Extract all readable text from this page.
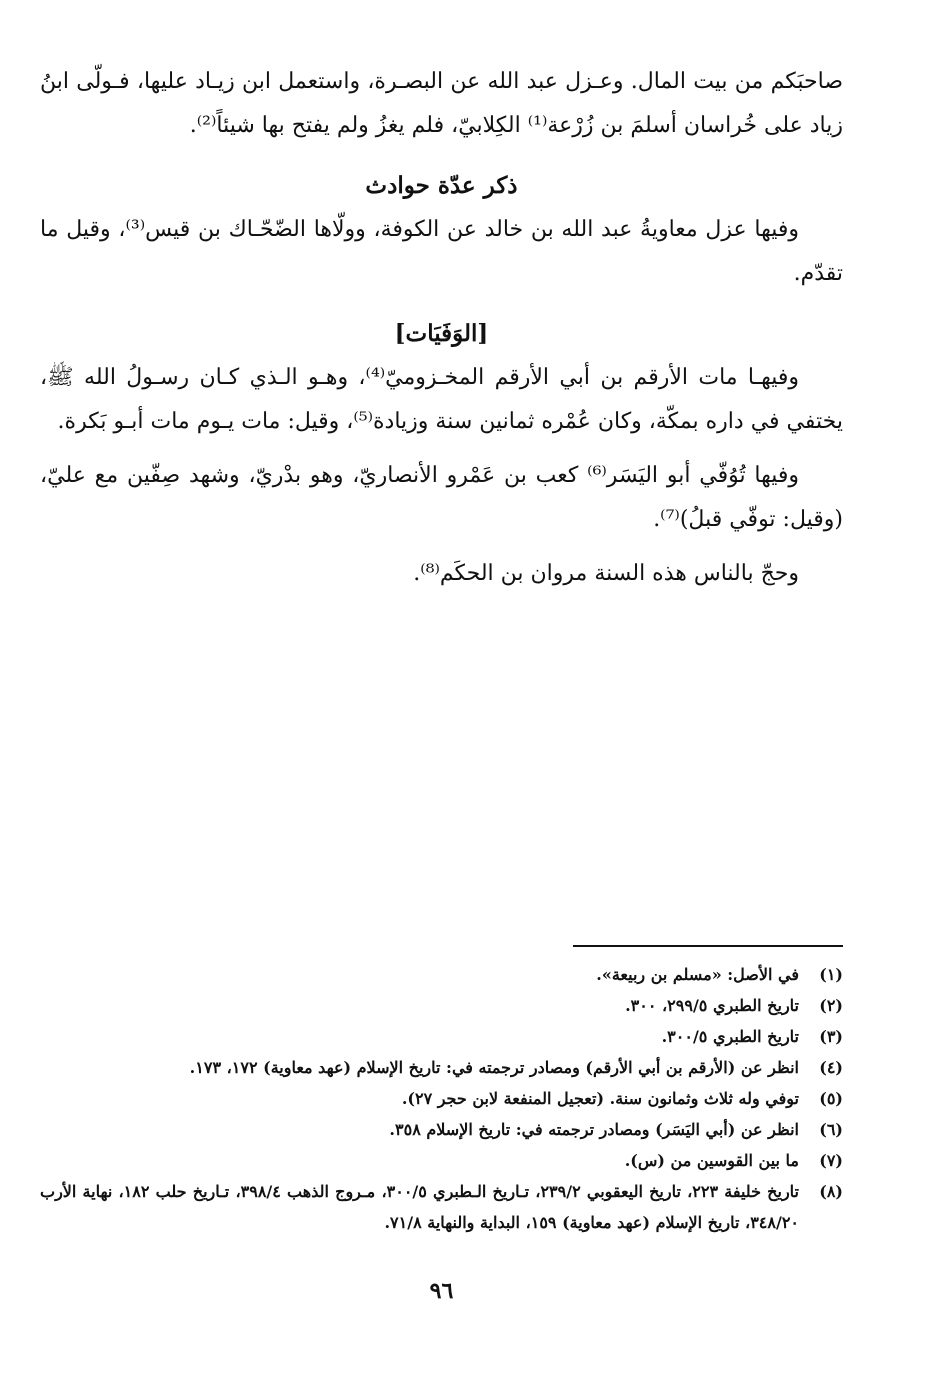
صاحبَكم من بيت المال. وعـزل عبد الله عن البصـرة، واستعمل ابن زيـاد عليها، فـولّى ابنُ زياد على خُراسان أسلمَ بن زُرْعة⁽¹⁾ الكِلابيّ، فلم يغزُ ولم يفتح بها شيئاً⁽²⁾.

ذكر عدّة حوادث

وفيها عزل معاويةُ عبد الله بن خالد عن الكوفة، وولّاها الضّحّـاك بن قيس⁽³⁾، وقيل ما تقدّم.

[الوَفَيَات]

وفيهـا مات الأرقم بن أبي الأرقم المخـزوميّ⁽⁴⁾، وهـو الـذي كـان رسـولُ الله ﷺ، يختفي في داره بمكّة، وكان عُمْره ثمانين سنة وزيادة⁽⁵⁾، وقيل: مات يـوم مات أبـو بَكرة.

وفيها تُوُفّي أبو اليَسَر⁽⁶⁾ كعب بن عَمْرو الأنصاريّ، وهو بدْريّ، وشهد صِفّين مع عليّ، (وقيل: توفّي قبلُ)⁽⁷⁾.

وحجّ بالناس هذه السنة مروان بن الحكَم⁽⁸⁾.

(١)
في الأصل: «مسلم بن ربيعة».
(٢)
تاريخ الطبري ٢٩٩/٥، ٣٠٠.
(٣)
تاريخ الطبري ٣٠٠/٥.
(٤)
انظر عن (الأرقم بن أبي الأرقم) ومصادر ترجمته في: تاريخ الإسلام (عهد معاوية) ١٧٢، ١٧٣.
(٥)
توفي وله ثلاث وثمانون سنة. (تعجيل المنفعة لابن حجر ٢٧).
(٦)
انظر عن (أبي اليَسَر) ومصادر ترجمته في: تاريخ الإسلام ٣٥٨.
(٧)
ما بين القوسين من (س).
(٨)
تاريخ خليفة ٢٢٣، تاريخ اليعقوبي ٢٣٩/٢، تـاريخ الـطبري ٣٠٠/٥، مـروج الذهب ٣٩٨/٤، تـاريخ حلب ١٨٢، نهاية الأرب ٣٤٨/٢٠، تاريخ الإسلام (عهد معاوية) ١٥٩، البداية والنهاية ٧١/٨.
٩٦
